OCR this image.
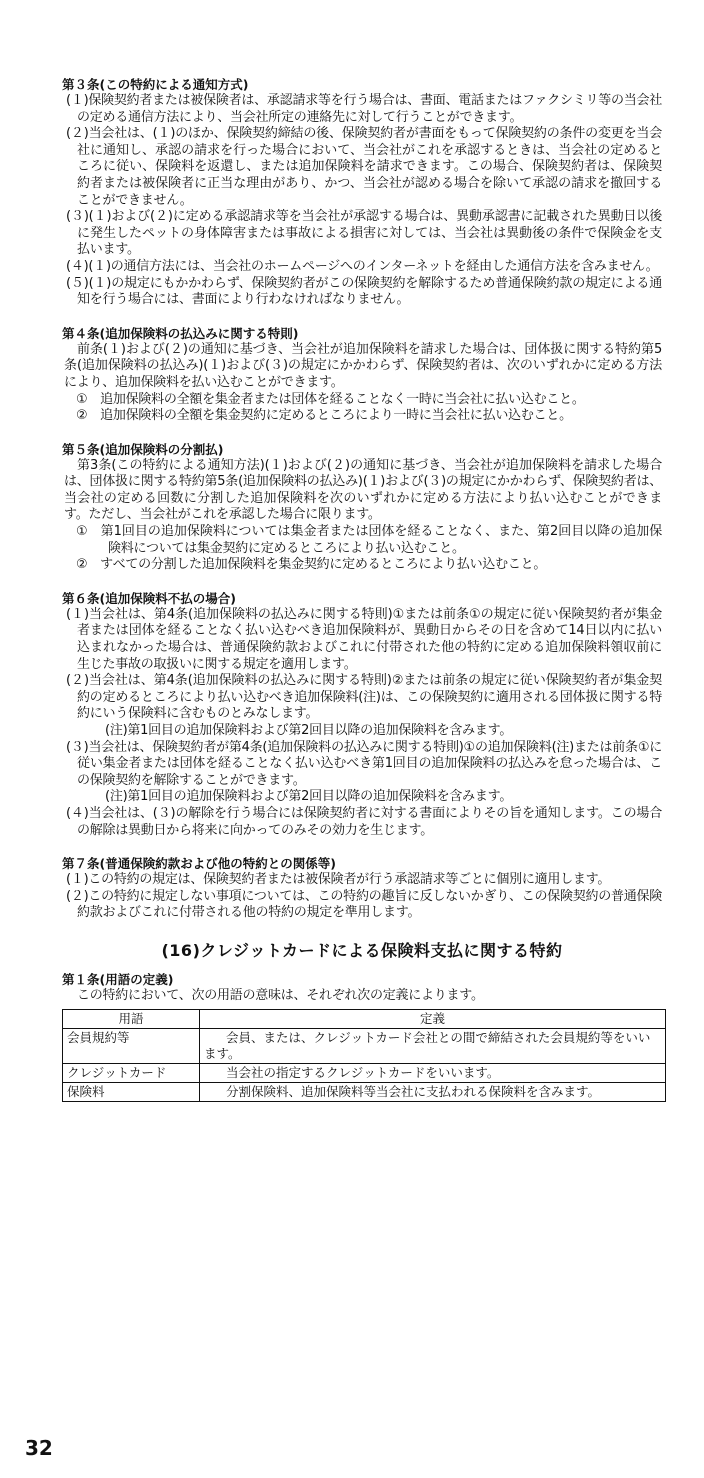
第３条(この特約による通知方式)

(１)保険契約者または被保険者は、承認請求等を行う場合は、書面、電話またはファクシミリ等の当会社の定める通信方法により、当会社所定の連絡先に対して行うことができます。

(２)当会社は、(１)のほか、保険契約締結の後、保険契約者が書面をもって保険契約の条件の変更を当会社に通知し、承認の請求を行った場合において、当会社がこれを承認するときは、当会社の定めるところに従い、保険料を返還し、または追加保険料を請求できます。この場合、保険契約者は、保険契約者または被保険者に正当な理由があり、かつ、当会社が認める場合を除いて承認の請求を撤回することができません。

(３)(１)および(２)に定める承認請求等を当会社が承認する場合は、異動承認書に記載された異動日以後に発生したペットの身体障害または事故による損害に対しては、当会社は異動後の条件で保険金を支払います。

(４)(１)の通信方法には、当会社のホームページへのインターネットを経由した通信方法を含みません。

(５)(１)の規定にもかかわらず、保険契約者がこの保険契約を解除するため普通保険約款の規定による通知を行う場合には、書面により行わなければなりません。

第４条(追加保険料の払込みに関する特則)

前条(１)および(２)の通知に基づき、当会社が追加保険料を請求した場合は、団体扱に関する特約第5条(追加保険料の払込み)(１)および(３)の規定にかかわらず、保険契約者は、次のいずれかに定める方法により、追加保険料を払い込むことができます。

①　追加保険料の全額を集金者または団体を経ることなく一時に当会社に払い込むこと。

②　追加保険料の全額を集金契約に定めるところにより一時に当会社に払い込むこと。

第５条(追加保険料の分割払)

第3条(この特約による通知方法)(１)および(２)の通知に基づき、当会社が追加保険料を請求した場合は、団体扱に関する特約第5条(追加保険料の払込み)(１)および(３)の規定にかかわらず、保険契約者は、当会社の定める回数に分割した追加保険料を次のいずれかに定める方法により払い込むことができます。ただし、当会社がこれを承認した場合に限ります。

①　第1回目の追加保険料については集金者または団体を経ることなく、また、第2回目以降の追加保険料については集金契約に定めるところにより払い込むこと。

②　すべての分割した追加保険料を集金契約に定めるところにより払い込むこと。

第６条(追加保険料不払の場合)

(１)当会社は、第4条(追加保険料の払込みに関する特則)①または前条①の規定に従い保険契約者が集金者または団体を経ることなく払い込むべき追加保険料が、異動日からその日を含めて14日以内に払い込まれなかった場合は、普通保険約款およびこれに付帯された他の特約に定める追加保険料領収前に生じた事故の取扱いに関する規定を適用します。

(２)当会社は、第4条(追加保険料の払込みに関する特則)②または前条の規定に従い保険契約者が集金契約の定めるところにより払い込むべき追加保険料(注)は、この保険契約に適用される団体扱に関する特約にいう保険料に含むものとみなします。

(注)第1回目の追加保険料および第2回目以降の追加保険料を含みます。

(３)当会社は、保険契約者が第4条(追加保険料の払込みに関する特則)①の追加保険料(注)または前条①に従い集金者または団体を経ることなく払い込むべき第1回目の追加保険料の払込みを怠った場合は、この保険契約を解除することができます。

(注)第1回目の追加保険料および第2回目以降の追加保険料を含みます。

(４)当会社は、(３)の解除を行う場合には保険契約者に対する書面によりその旨を通知します。この場合の解除は異動日から将来に向かってのみその効力を生じます。

第７条(普通保険約款および他の特約との関係等)

(１)この特約の規定は、保険契約者または被保険者が行う承認請求等ごとに個別に適用します。

(２)この特約に規定しない事項については、この特約の趣旨に反しないかぎり、この保険契約の普通保険約款およびこれに付帯される他の特約の規定を準用します。

(16)クレジットカードによる保険料支払に関する特約

第１条(用語の定義)

この特約において、次の用語の意味は、それぞれ次の定義によります。

用語	定義
会員規約等	会員、または、クレジットカード会社との間で締結された会員規約等をいいます。
クレジットカード	当会社の指定するクレジットカードをいいます。
保険料	分割保険料、追加保険料等当会社に支払われる保険料を含みます。
32
